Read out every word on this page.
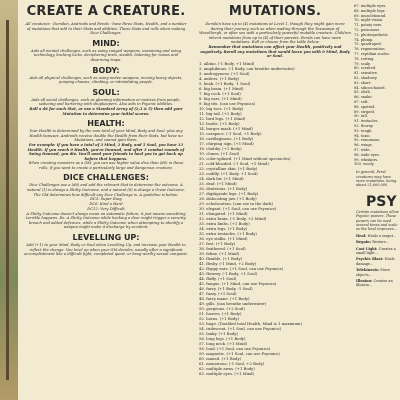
CREATE A CREATURE.
All creatures - Demikin, Androids and Ferals - have three Stats, Health, and a number of mutations that add to their Stats and abilities. These Stats and rolls when making Dice Challenges.
MIND:
Aids all mental challenges, such as using ranged weapons, examining and using technology, hacking locks, deciphering texts, stealth, listening for noises and disarming traps.
BODY:
Aids all physical challenges, such as using melee weapons, moving heavy objects, jumping chasms, climbing, or intimidating people.
SOUL:
Aids all social challenges, such as gleaning information or motives from people, seducing and bartering with shopkeepers. Also aids in Psyonic abilities.
Roll a d6 for each Stat, or use a Standard Array of (2,3 & 5) then add your Mutation to determine your initial scores.
HEALTH:
Your Health is determined by the sum total of your Mind, Body and Soul, plus any Health bonuses. Androids receive double the Health from their Stats, but have no Mutations, and cannot gain them.
For example: if you have a total of 3 Mind, 2 Body, and 5 Soul, you have 13 Health. If you reach 0 Health, you're Downed, and after 3 combat rounds of being Downed, you die. You'll need your friends to heal you to get back up before that happens.
When creating monsters as a GM, you can use higher value dice than (d6) in these rolls, if you want to create a particularly large and dangerous creature.
DICE CHALLENGES:
Dice Challenges use a (d6) and add the relevant Stat to determine the outcome. A natural (1) is always a Shitty Outcome, and a natural (6) is always a Great Outcome. The GM determines how difficult any Dice Challenge is. A guideline is below:
DC3: Super Easy
DC6: Kind a Hard
DC12: Very Difficult
A Shitty Outcome doesn't always mean an automatic failure, it just means something terrible happens. Ex: A Shitty Outcome while hacking a door might trigger a security breach and added defences, while a Shitty Outcome when attempting to identify a weapon might make it discharge by accident.
LEVELLING UP:
Add (+1) to your Mind, Body or Soul when Levelling Up, and increase your Health to reflect the change. You level up when your GM decides, usually after a significant accomplishment like a difficult fight, completed quest, or brag-worthy sexual conquest.
MUTATIONS.
Demikin have up to (4) mutations at Level 1, though they might gain more during their journey, such as when wading through the Toxwamps of Wovelbergh, or after sex with a particularly powerful mutable creature. Children inherit mutations from up to (4) of their parents. Ferals can have more mutations. Roll or choose from the table below.
Remember that mutations can affect your Health, positively and negatively. Reroll any mutations that would leave you with 0 Mind, Body or Soul.
1. albino. (-1 Body, +1 Mind)
2. amphibious. (-1 Body, can breathe underwater)
3. androgynous. (+1 Soul)
4. antlers. (+1 Body)
5. beak. (+1 Body, -1 Soul)
6. big brain. (+1 Mind)
7. big cock. (+1 Soul)
8. big ears. (+1 Mind)
9. big tits. (can use Psyonics)
10. big toes. (+1 Body)
11. big tail. (+1 Body)
12. bird legs. (+1 Mind)
13. boobs. (+1 Body)
14. burger mask. (+1 Mind)
15. carapace. (-1 Soul, +1 Body)
16. cartilaginous. (+1 Body)
17. chirping sign. (+1 Mind)
18. chubby. (+1 Body)
19. clones. (+1 Soul)
20. color-splined. (+1 Mind without spectacles)
21. cold-blooded. (-1 Soul, +1 Mind)
22. crystalline skin. (+1 Body)
23. cuddly. (+1 Body, +1 Soul)
24. dark fur. (+1 Mind)
25. deaf. (+1 Mind)
26. dexterous. (+1 Body)
27. digitigrade legs. (+1 Body)
28. dislocating jaw. (+1 Body)
29. echolocation. (can see in the dark)
30. elegant. (+1 Soul, can use Psyonics)
31. elongated. (+1 Mind)
32. extra brain. (-1 Body, +2 Mind)
33. extra limbs. (+1 Body)
34. extra legs. (+1 Body)
35. extra tentacles. (+1 Body)
36. eye stalks. (+1 Mind)
37. fast. (+1 Body)
38. feathered. (+1 Soul)
39. feline. (+1 Mind)
40. flexible. (+1 Body)
41. fleshy. (-1 Mind, +2 Body)
42. floppy ears. (+1 Soul, can use Psyonics)
43. flowery. (-1 Body, +1 Soul)
44. fluffy. (+1 Soul)
45. fungus. (+1 Mind, can use Psyonics)
46. furry. (+1 Body, -1 Soul)
47. fuzzy. (+1 Soul)
48. furry mane. (+1 Body)
49. gills. (can breathe underwater)
50. gorgeous. (+2 Soul)
51. hooves. (+1 Body)
52. horns. (+1 Body)
53. huge. (Doubled total Health, Mind is 1 maximum)
54. iridescent. (+1 Soul, can use Psyonics)
55. lanky. (+1 Body)
56. long legs. (+1 Body)
57. long neck. (+1 Mind)
58. loud. (+1 Soul, can use Psyonics)
59. magnetic. (+1 Soul, can use Psyonics)
60. maned. (+1 Body)
61. monstrous. (-1 Soul, +2 Body)
62. multiple arms. (+1 Body)
63. multiple eyes. (+1 Mind)
67. multiple eyes.
68. multiple legs.
69. musclebound.
70. night-vision.
71. pointy ears.
72. poisonous.
73. photosynthetic.
74. plump.
75. quadruped.
76. regeneration.
77. reptilian scales.
78. rotting.
79. scaly.
80. scented.
81. sensitive.
82. shadowy.
83. short.
84. silicon-based.
85. sloth.
86. snake.
87. soft.
88. spotted.
89. striped.
90. tall.
91. tentacles.
92. thorny.
93. tough.
94. toxic.
95. venomous.
96. wings.
97. wide.
98. wide eyes.
99. whiskers.
100. wooly.
In general, Feral creatures may have more mutations, being about 21,600,000
PSY
Certain mutations allow Psyonic powers. These powers can be used several times and scale as the level improves...
Heal: Heals a target...
Regain: Restore...
Cast Light: Creates a small light...
Psychic Blast: Deals damage...
Telekinesis: Move objects...
Illusion: Creates an illusion...
